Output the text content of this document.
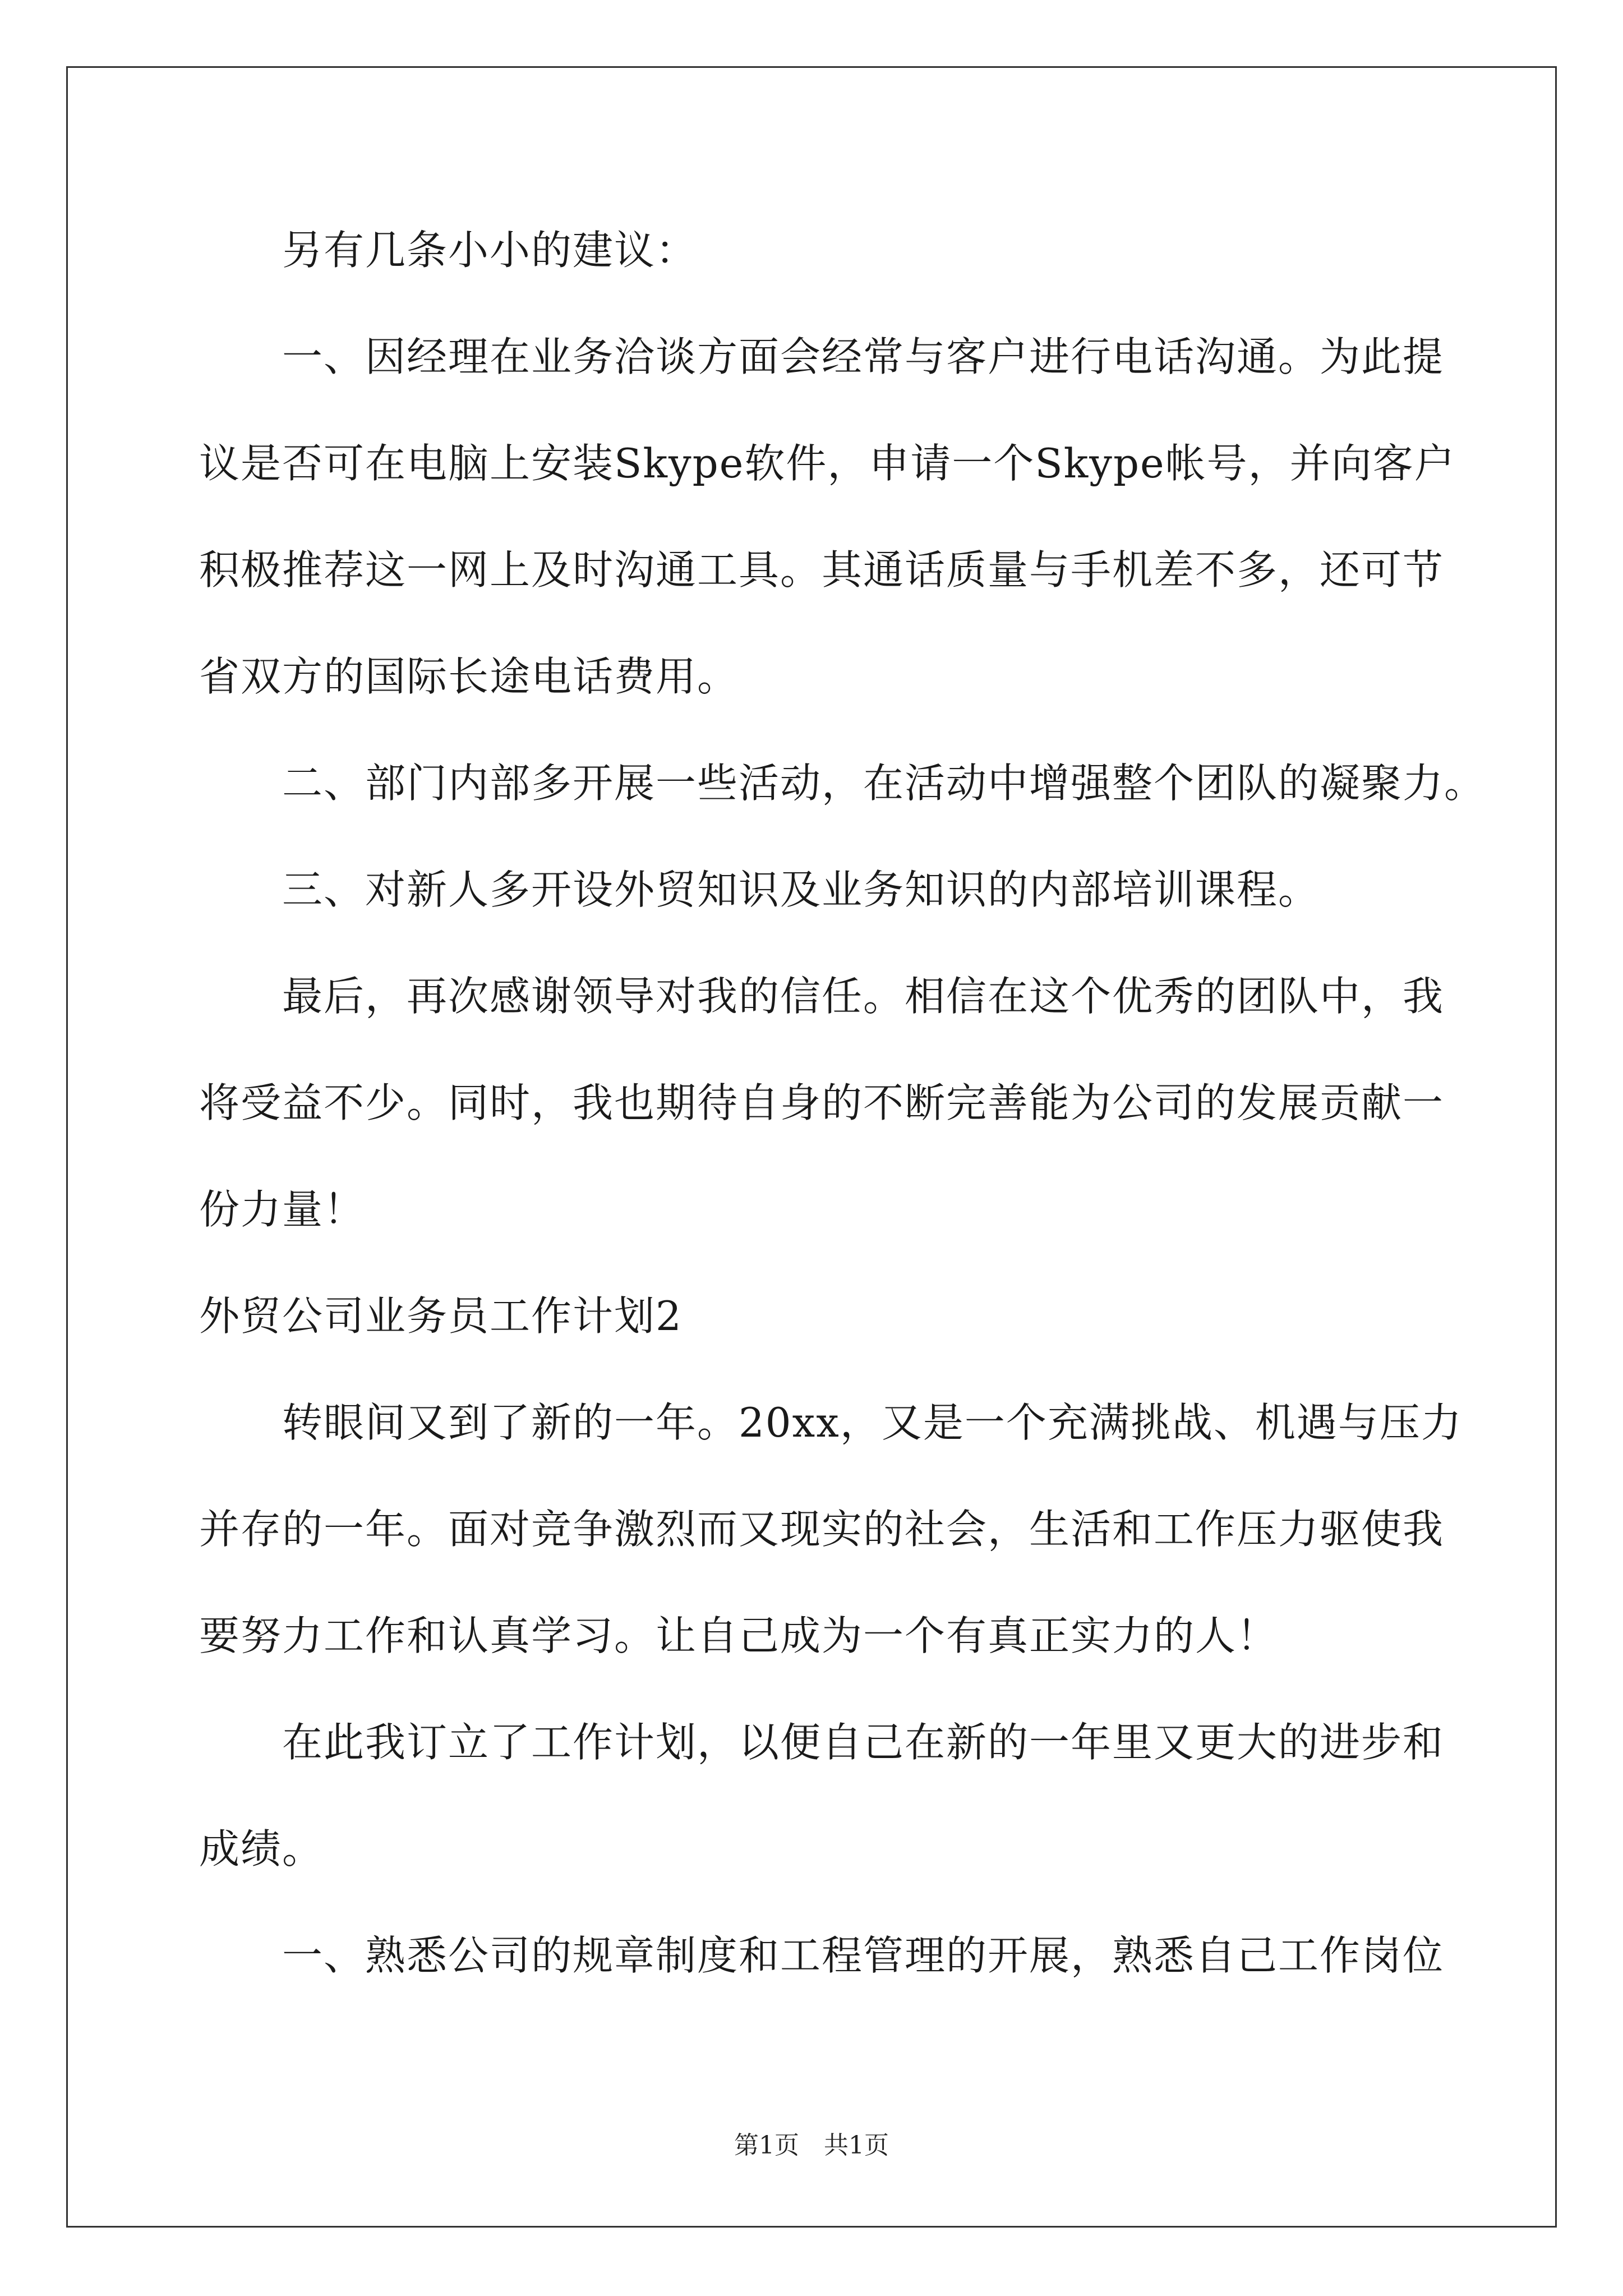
另有几条小小的建议：
一、因经理在业务洽谈方面会经常与客户进行电话沟通。为此提
议是否可在电脑上安装Skype软件，申请一个Skype帐号，并向客户
积极推荐这一网上及时沟通工具。其通话质量与手机差不多，还可节
省双方的国际长途电话费用。
二、部门内部多开展一些活动，在活动中增强整个团队的凝聚力。
三、对新人多开设外贸知识及业务知识的内部培训课程。
最后，再次感谢领导对我的信任。相信在这个优秀的团队中，我
将受益不少。同时，我也期待自身的不断完善能为公司的发展贡献一
份力量！
外贸公司业务员工作计划2
转眼间又到了新的一年。20xx，又是一个充满挑战、机遇与压力
并存的一年。面对竞争激烈而又现实的社会，生活和工作压力驱使我
要努力工作和认真学习。让自己成为一个有真正实力的人！
在此我订立了工作计划，以便自己在新的一年里又更大的进步和
成绩。
一、熟悉公司的规章制度和工程管理的开展，熟悉自己工作岗位
第1页　共1页
